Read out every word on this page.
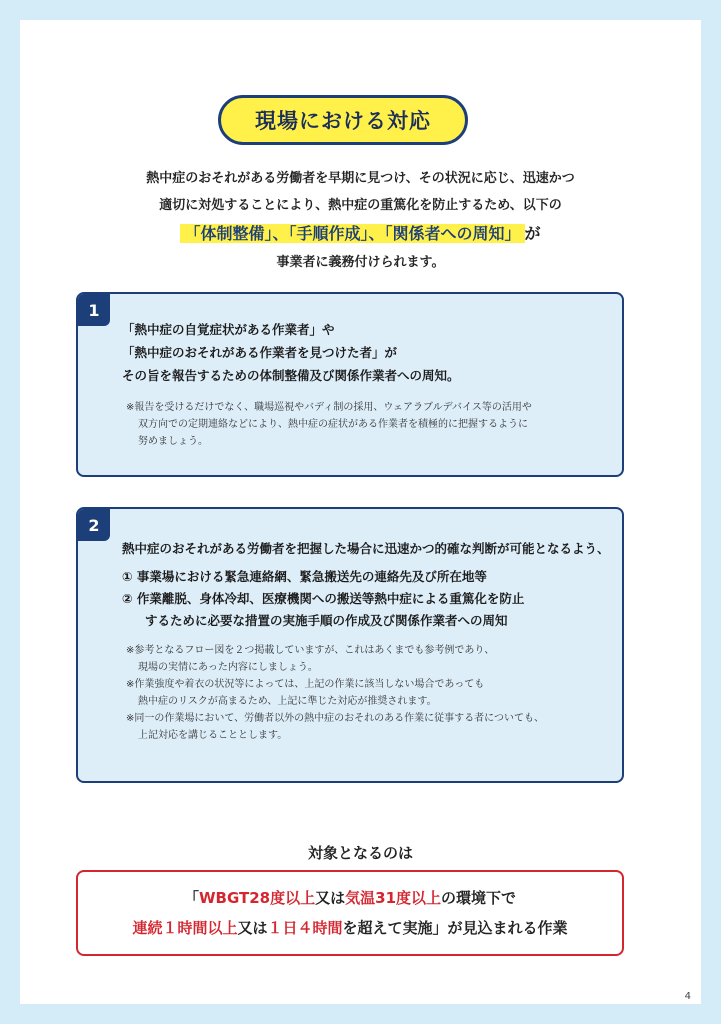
現場における対応
熱中症のおそれがある労働者を早期に見つけ、その状況に応じ、迅速かつ
適切に対処することにより、熱中症の重篤化を防止するため、以下の
「体制整備」、「手順作成」、「関係者への周知」 が
事業者に義務付けられます。
1
「熱中症の自覚症状がある作業者」や
「熱中症のおそれがある作業者を見つけた者」が
その旨を報告するための体制整備及び関係作業者への周知。
※報告を受けるだけでなく、職場巡視やバディ制の採用、ウェアラブルデバイス等の活用や
双方向での定期連絡などにより、熱中症の症状がある作業者を積極的に把握するように
努めましょう。
2
熱中症のおそれがある労働者を把握した場合に迅速かつ的確な判断が可能となるよう、
① 事業場における緊急連絡網、緊急搬送先の連絡先及び所在地等
② 作業離脱、身体冷却、医療機関への搬送等熱中症による重篤化を防止
するために必要な措置の実施手順の作成及び関係作業者への周知
※参考となるフロー図を２つ掲載していますが、これはあくまでも参考例であり、
現場の実情にあった内容にしましょう。
※作業強度や着衣の状況等によっては、上記の作業に該当しない場合であっても
熱中症のリスクが高まるため、上記に準じた対応が推奨されます。
※同一の作業場において、労働者以外の熱中症のおそれのある作業に従事する者についても、
上記対応を講じることとします。
対象となるのは
「WBGT28度以上又は気温31度以上の環境下で
連続１時間以上又は１日４時間を超えて実施」が見込まれる作業
4
